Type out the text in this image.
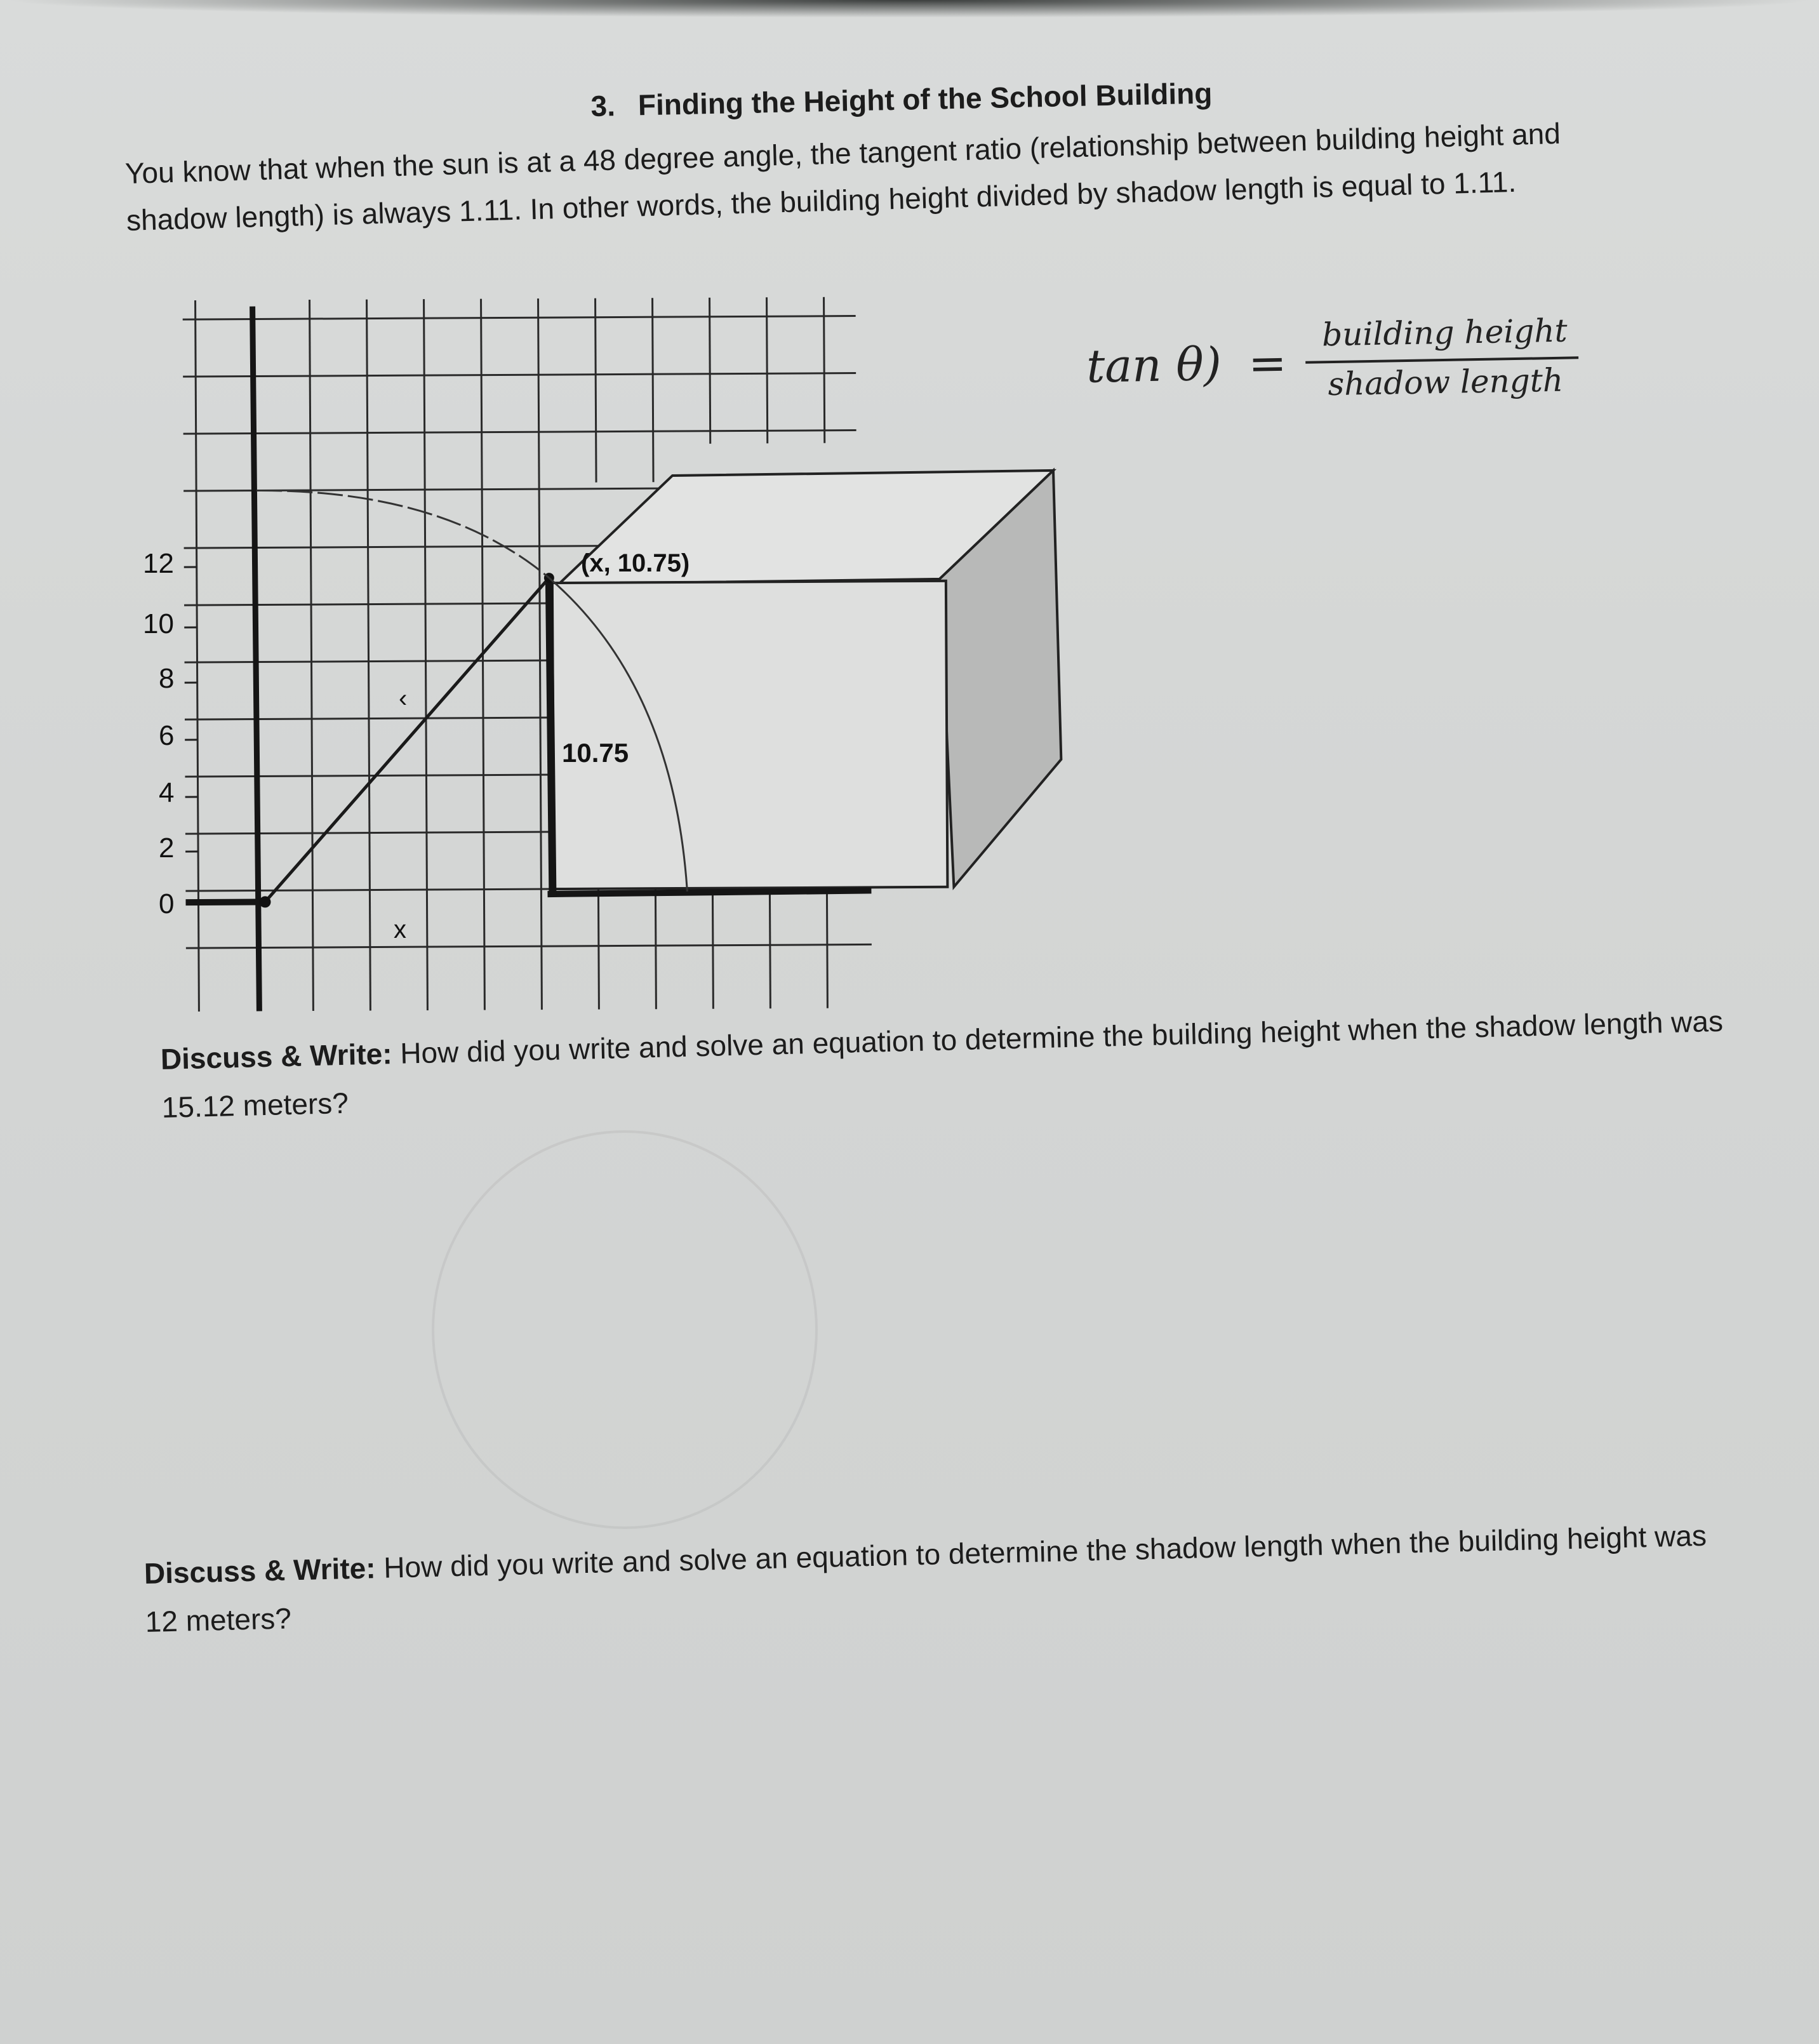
3. Finding the Height of the School Building
You know that when the sun is at a 48 degree angle, the tangent ratio (relationship between building height and shadow length) is always 1.11. In other words, the building height divided by shadow length is equal to 1.11.
12
10
8
6
4
2
0
(x, 10.75)
10.75
x
‹
tan θ) =
building height
shadow length
Discuss & Write: How did you write and solve an equation to determine the building height when the shadow length was 15.12 meters?
Discuss & Write: How did you write and solve an equation to determine the shadow length when the building height was 12 meters?
